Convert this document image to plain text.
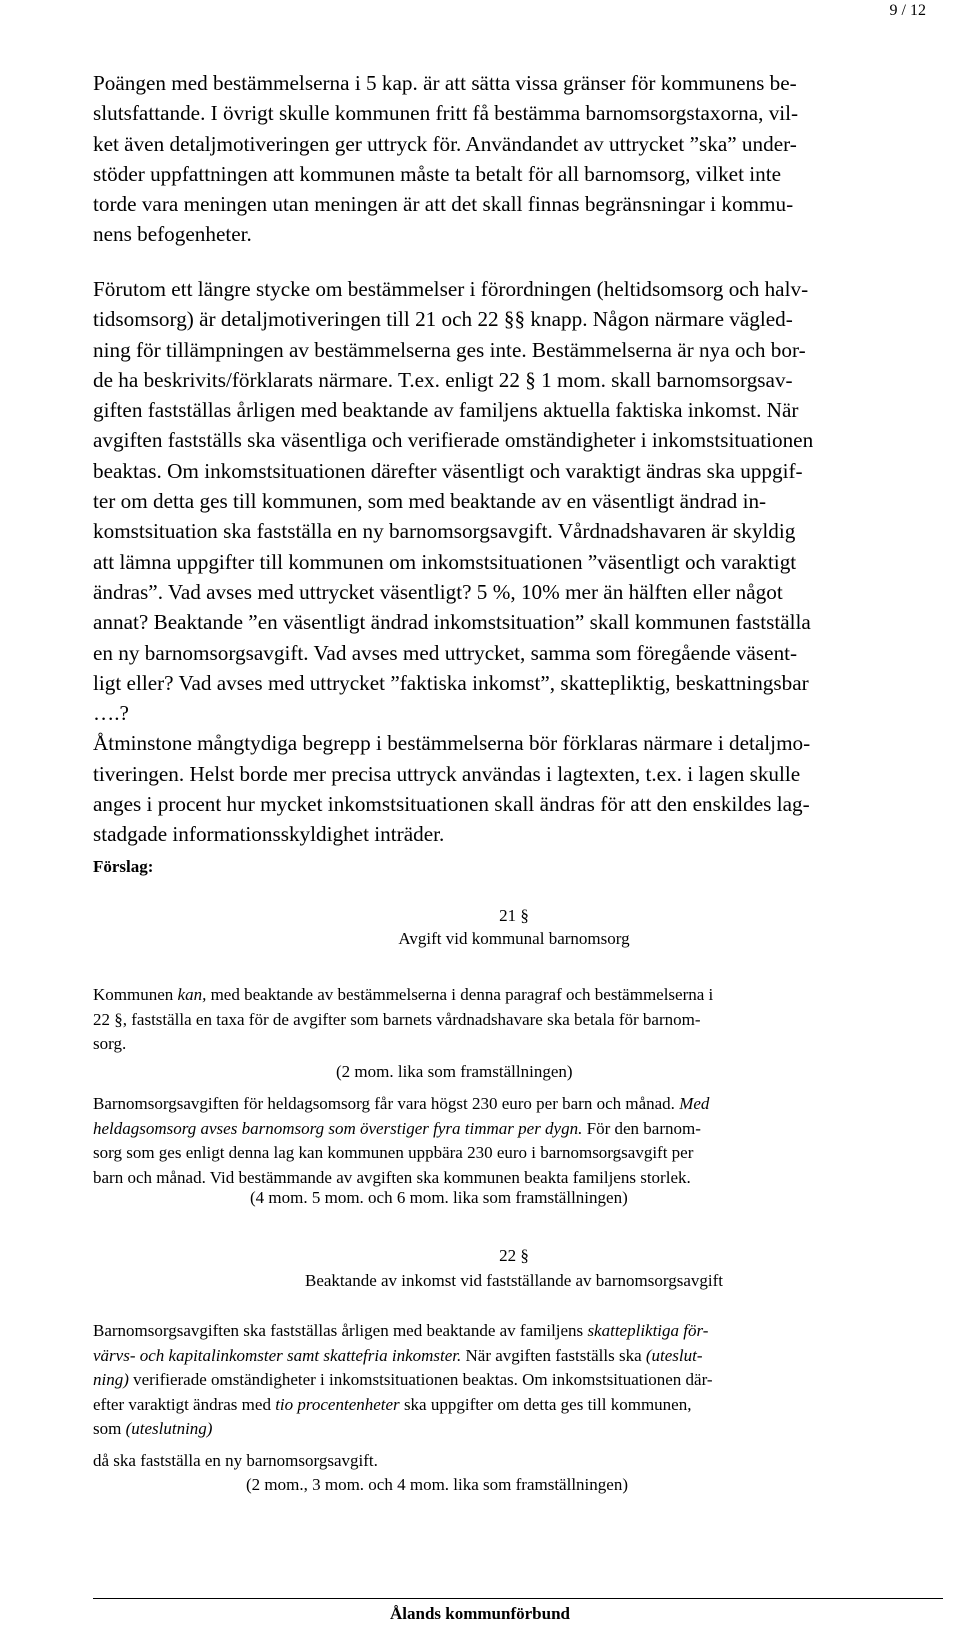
9 / 12
Poängen med bestämmelserna i 5 kap. är att sätta vissa gränser för kommunens be-
slutsfattande. I övrigt skulle kommunen fritt få bestämma barnomsorgstaxorna, vil-
ket även detaljmotiveringen ger uttryck för. Användandet av uttrycket ”ska” under-
stöder uppfattningen att kommunen måste ta betalt för all barnomsorg, vilket inte
torde vara meningen utan meningen är att det skall finnas begränsningar i kommu-
nens befogenheter.
Förutom ett längre stycke om bestämmelser i förordningen (heltidsomsorg och halv-
tidsomsorg) är detaljmotiveringen till 21 och 22 §§ knapp. Någon närmare vägled-
ning för tillämpningen av bestämmelserna ges inte. Bestämmelserna är nya och bor-
de ha beskrivits/förklarats närmare. T.ex. enligt 22 § 1 mom. skall barnomsorgsav-
giften fastställas årligen med beaktande av familjens aktuella faktiska inkomst. När
avgiften fastställs ska väsentliga och verifierade omständigheter i inkomstsituationen
beaktas. Om inkomstsituationen därefter väsentligt och varaktigt ändras ska uppgif-
ter om detta ges till kommunen, som med beaktande av en väsentligt ändrad in-
komstsituation ska fastställa en ny barnomsorgsavgift. Vårdnadshavaren är skyldig
att lämna uppgifter till kommunen om inkomstsituationen ”väsentligt och varaktigt
ändras”. Vad avses med uttrycket väsentligt? 5 %, 10% mer än hälften eller något
annat? Beaktande ”en väsentligt ändrad inkomstsituation” skall kommunen fastställa
en ny barnomsorgsavgift. Vad avses med uttrycket, samma som föregående väsent-
ligt eller? Vad avses med uttrycket ”faktiska inkomst”, skattepliktig, beskattningsbar
….?
Åtminstone mångtydiga begrepp i bestämmelserna bör förklaras närmare i detaljmo-
tiveringen. Helst borde mer precisa uttryck användas i lagtexten, t.ex. i lagen skulle
anges i procent hur mycket inkomstsituationen skall ändras för att den enskildes lag-
stadgade informationsskyldighet inträder.
Förslag:
21 §
Avgift vid kommunal barnomsorg
Kommunen kan, med beaktande av bestämmelserna i denna paragraf och bestämmelserna i
22 §, fastställa en taxa för de avgifter som barnets vårdnadshavare ska betala för barnom-
sorg.
(2 mom. lika som framställningen)
Barnomsorgsavgiften för heldagsomsorg får vara högst 230 euro per barn och månad. Med
heldagsomsorg avses barnomsorg som överstiger fyra timmar per dygn. För den barnom-
sorg som ges enligt denna lag kan kommunen uppbära 230 euro i barnomsorgsavgift per
barn och månad. Vid bestämmande av avgiften ska kommunen beakta familjens storlek.
(4 mom. 5 mom. och 6 mom. lika som framställningen)
22 §
Beaktande av inkomst vid fastställande av barnomsorgsavgift
Barnomsorgsavgiften ska fastställas årligen med beaktande av familjens skattepliktiga för-
värvs- och kapitalinkomster samt skattefria inkomster. När avgiften fastställs ska (uteslut-
ning) verifierade omständigheter i inkomstsituationen beaktas. Om inkomstsituationen där-
efter varaktigt ändras med tio procentenheter ska uppgifter om detta ges till kommunen,
som (uteslutning)
då ska fastställa en ny barnomsorgsavgift.
(2 mom., 3 mom. och 4 mom. lika som framställningen)
Ålands kommunförbund
